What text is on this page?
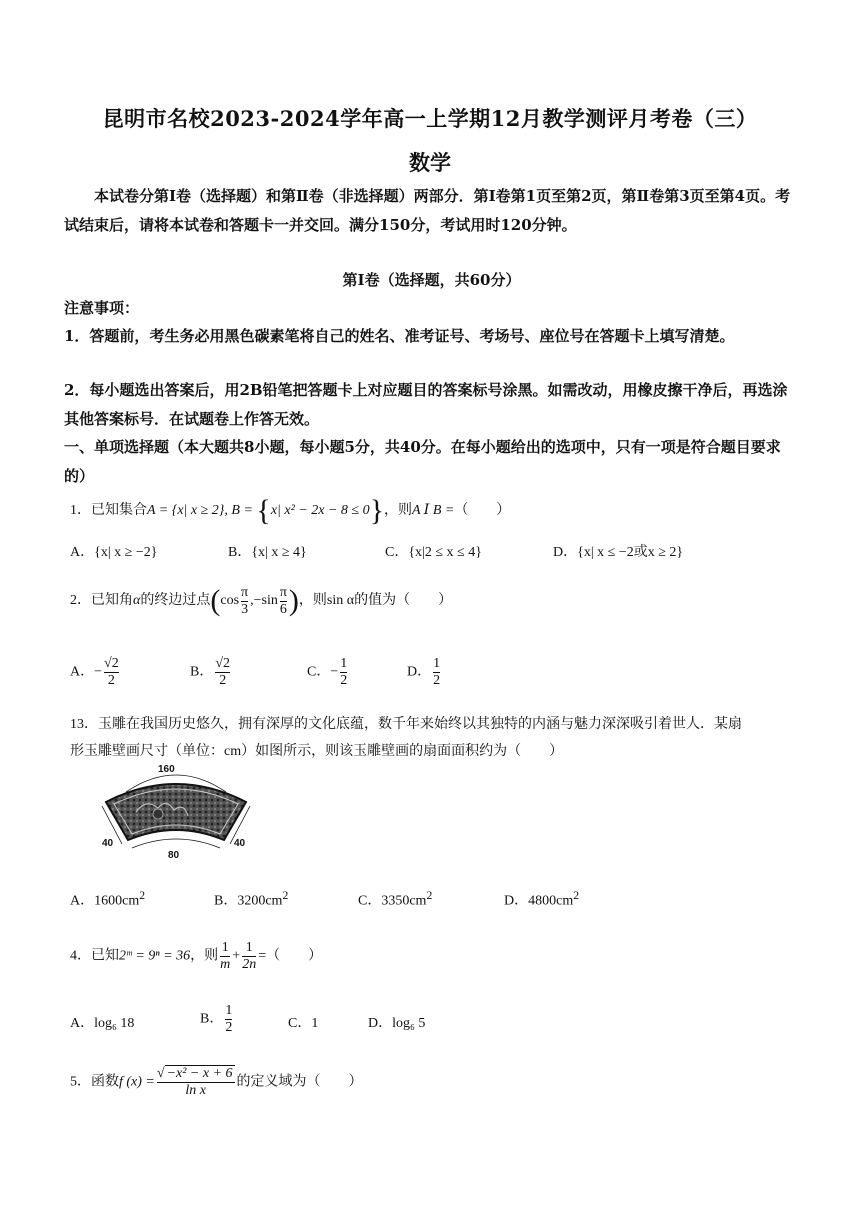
昆明市名校2023-2024学年高一上学期12月教学测评月考卷（三）
数学
本试卷分第Ⅰ卷（选择题）和第Ⅱ卷（非选择题）两部分．第Ⅰ卷第1页至第2页，第Ⅱ卷第3页至第4页。考试结束后，请将本试卷和答题卡一并交回。满分150分，考试用时120分钟。
第Ⅰ卷（选择题，共60分）
注意事项：
1．答题前，考生务必用黑色碳素笔将自己的姓名、准考证号、考场号、座位号在答题卡上填写清楚。
2．每小题选出答案后，用2B铅笔把答题卡上对应题目的答案标号涂黑。如需改动，用橡皮擦干净后，再选涂其他答案标号．在试题卷上作答无效。
一、单项选择题（本大题共8小题，每小题5分，共40分。在每小题给出的选项中，只有一项是符合题目要求的）
1．已知集合A = {x| x ≥ 2}, B = {x| x² − 2x − 8 ≤ 0}，则A Ⅰ B =（　　）
A．{x| x ≥ −2}	B．{x| x ≥ 4}	C．{x|2 ≤ x ≤ 4}	D．{x| x ≤ −2或x ≥ 2}
2．已知角α的终边过点($\cos \frac{\pi}{3} ,-\sin \frac{\pi}{6}$ )，则sin α的值为（　　）
A．− $\frac{√2}{2}$	B． $\frac{√2}{2}$	C．− $\frac{1}{2}$	D． $\frac{1}{2}$
13．玉雕在我国历史悠久，拥有深厚的文化底蕴，数千年来始终以其独特的内涵与魅力深深吸引着世人．某扇
形玉雕壁画尺寸（单位：cm）如图所示，则该玉雕壁画的扇面面积约为（　　）
160
40
80
40
A．$1600cm^2$	B．$3200cm^2$	C．$3350cm^2$	D．$4800cm^2$
4．已知2ᵐ = 9ⁿ = 36，则 $\frac{1}{m} + \frac{1}{2n}$ =（　　）
A．log₆ 18	B． $\frac{1}{2}$	C．1	D．log₆ 5
5．函数f $(x) = \frac{\text{√ −x² − x + 6}}{\text{ln x}}$ 的定义域为（　　）
